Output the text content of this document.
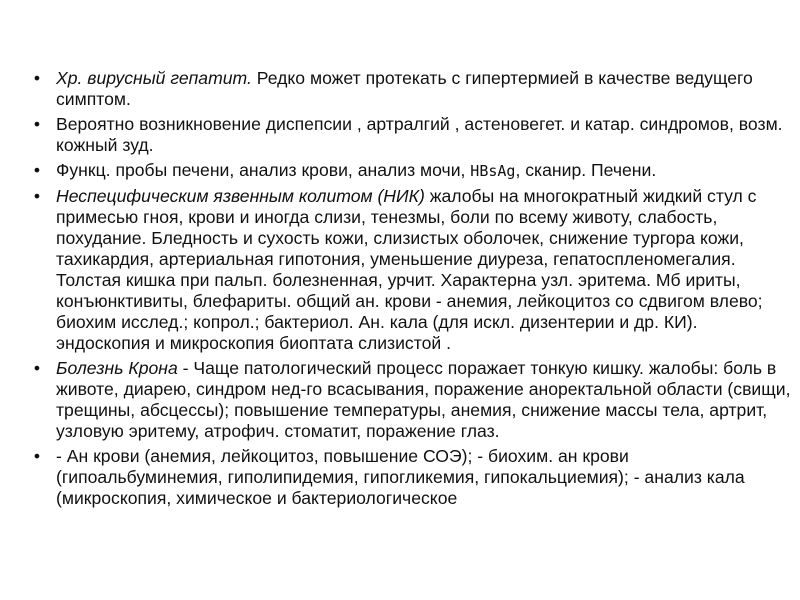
• Хр. вирусный гепатит. Редко может протекать с гипертермией в качестве ведущего симптом.
• Вероятно возникновение диспепсии , артралгий , астеновегет. и катар. синдромов, возм. кожный зуд.
• Функц. пробы печени, анализ крови, анализ мочи, HBsAg, сканир. Печени.
• Неспецифическим язвенным колитом (НИК) жалобы на многократный жидкий стул с примесью гноя, крови и иногда слизи, тенезмы, боли по всему животу, слабость, похудание. Бледность и сухость кожи, слизистых оболочек, снижение тургора кожи, тахикардия, артериальная гипотония, уменьшение диуреза, гепатоспленомегалия. Толстая кишка при пальп. болезненная, урчит. Характерна узл. эритема. Мб ириты, конъюнктивиты, блефариты. общий ан. крови - анемия, лейкоцитоз со сдвигом влево; биохим исслед.; копрол.; бактериол. Ан. кала (для искл. дизентерии и др. КИ). эндоскопия и микроскопия биоптата слизистой .
• Болезнь Крона - Чаще патологический процесс поражает тонкую кишку. жалобы: боль в животе, диарею, синдром нед-го всасывания, поражение аноректальной области (свищи, трещины, абсцессы); повышение температуры, анемия, снижение массы тела, артрит, узловую эритему, атрофич. стоматит, поражение глаз.
• - Ан крови (анемия, лейкоцитоз, повышение СОЭ); - биохим. ан крови (гипоальбуминемия, гиполипидемия, гипогликемия, гипокальциемия); - анализ кала (микроскопия, химическое и бактериологическое
